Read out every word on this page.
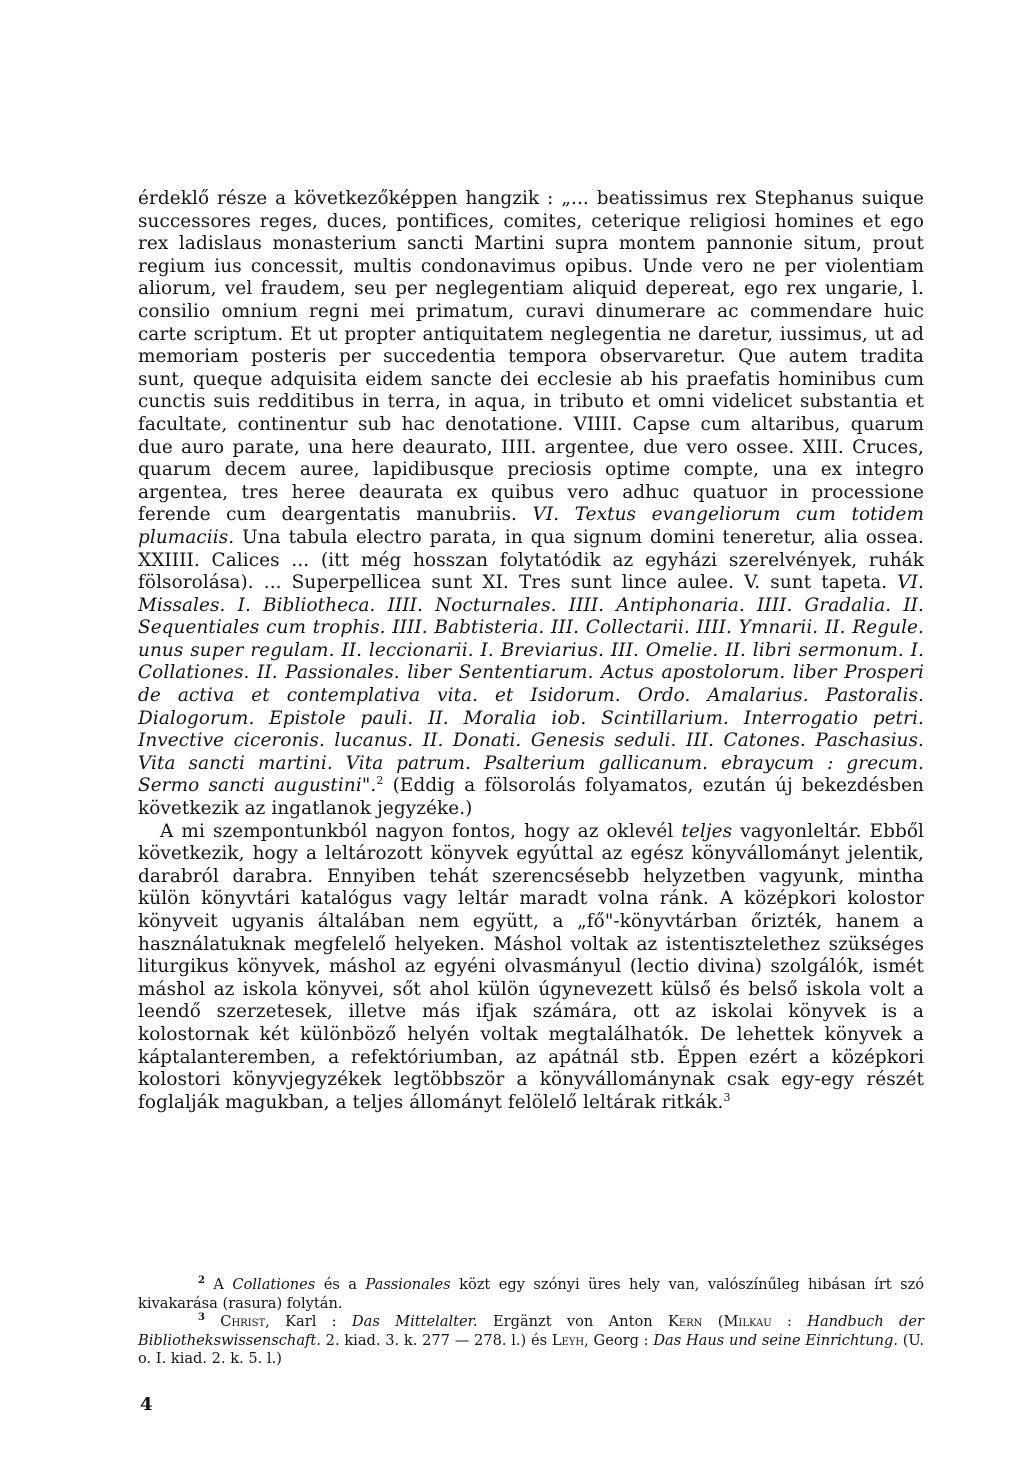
érdeklő része a következőképpen hangzik : „... beatissimus rex Stephanus suique successores reges, duces, pontifices, comites, ceterique religiosi homines et ego rex ladislaus monasterium sancti Martini supra montem pannonie situm, prout regium ius concessit, multis condonavimus opibus. Unde vero ne per violentiam aliorum, vel fraudem, seu per neglegentiam aliquid depereat, ego rex ungarie, l. consilio omnium regni mei primatum, curavi dinumerare ac commendare huic carte scriptum. Et ut propter antiquitatem neglegentia ne daretur, iussimus, ut ad memoriam posteris per succedentia tempora observaretur. Que autem tradita sunt, queque adquisita eidem sancte dei ecclesie ab his praefatis hominibus cum cunctis suis redditibus in terra, in aqua, in tributo et omni videlicet substantia et facultate, continentur sub hac denotatione. VIIII. Capse cum altaribus, quarum due auro parate, una here deaurato, IIII. argentee, due vero ossee. XIII. Cruces, quarum decem auree, lapidibusque preciosis optime compte, una ex integro argentea, tres heree deaurata ex quibus vero adhuc quatuor in processione ferende cum deargentatis manubriis. VI. Textus evangeliorum cum totidem plumaciis. Una tabula electro parata, in qua signum domini teneretur, alia ossea. XXIIII. Calices ... (itt még hosszan folytatódik az egyházi szerelvények, ruhák fölsorolása). ... Superpellicea sunt XI. Tres sunt lince aulee. V. sunt tapeta. VI. Missales. I. Bibliotheca. IIII. Nocturnales. IIII. Antiphonaria. IIII. Gradalia. II. Sequentiales cum trophis. IIII. Babtisteria. III. Collectarii. IIII. Ymnarii. II. Regule. unus super regulam. II. leccionarii. I. Breviarius. III. Omelie. II. libri sermonum. I. Collationes. II. Passionales. liber Sententiarum. Actus apostolorum. liber Prosperi de activa et contemplativa vita. et Isidorum. Ordo. Amalarius. Pastoralis. Dialogorum. Epistole pauli. II. Moralia iob. Scintillarium. Interrogatio petri. Invective ciceronis. lucanus. II. Donati. Genesis seduli. III. Catones. Paschasius. Vita sancti martini. Vita patrum. Psalterium gallicanum. ebraycum : grecum. Sermo sancti augustini".$^2$ (Eddig a fölsorolás folyamatos, ezután új bekezdésben következik az ingatlanok jegyzéke.)

A mi szempontunkból nagyon fontos, hogy az oklevél teljes vagyonleltár. Ebből következik, hogy a leltározott könyvek egyúttal az egész könyvállományt jelentik, darabról darabra. Ennyiben tehát szerencsésebb helyzetben vagyunk, mintha külön könyvtári katalógus vagy leltár maradt volna ránk. A középkori kolostor könyveit ugyanis általában nem együtt, a „fő"-könyvtárban őrizték, hanem a használatuknak megfelelő helyeken. Máshol voltak az istentisztelethez szükséges liturgikus könyvek, máshol az egyéni olvasmányul (lectio divina) szolgálók, ismét máshol az iskola könyvei, sőt ahol külön úgynevezett külső és belső iskola volt a leendő szerzetesek, illetve más ifjak számára, ott az iskolai könyvek is a kolostornak két különböző helyén voltak megtalálhatók. De lehettek könyvek a káptalanteremben, a refektóriumban, az apátnál stb. Éppen ezért a középkori kolostori könyvjegyzékek legtöbbször a könyvállománynak csak egy-egy részét foglalják magukban, a teljes állományt felölelő leltárak ritkák.$^3$

$^2$ A Collationes és a Passionales közt egy szónyi üres hely van, valószínűleg hibásan írt szó kivakarása (rasura) folytán.

$^3$ Christ, Karl : Das Mittelalter. Ergänzt von Anton Kern (Milkau : Handbuch der Bibliothekswissenschaft. 2. kiad. 3. k. 277 — 278. l.) és Leyh, Georg : Das Haus und seine Einrichtung. (U. o. I. kiad. 2. k. 5. l.)

4
